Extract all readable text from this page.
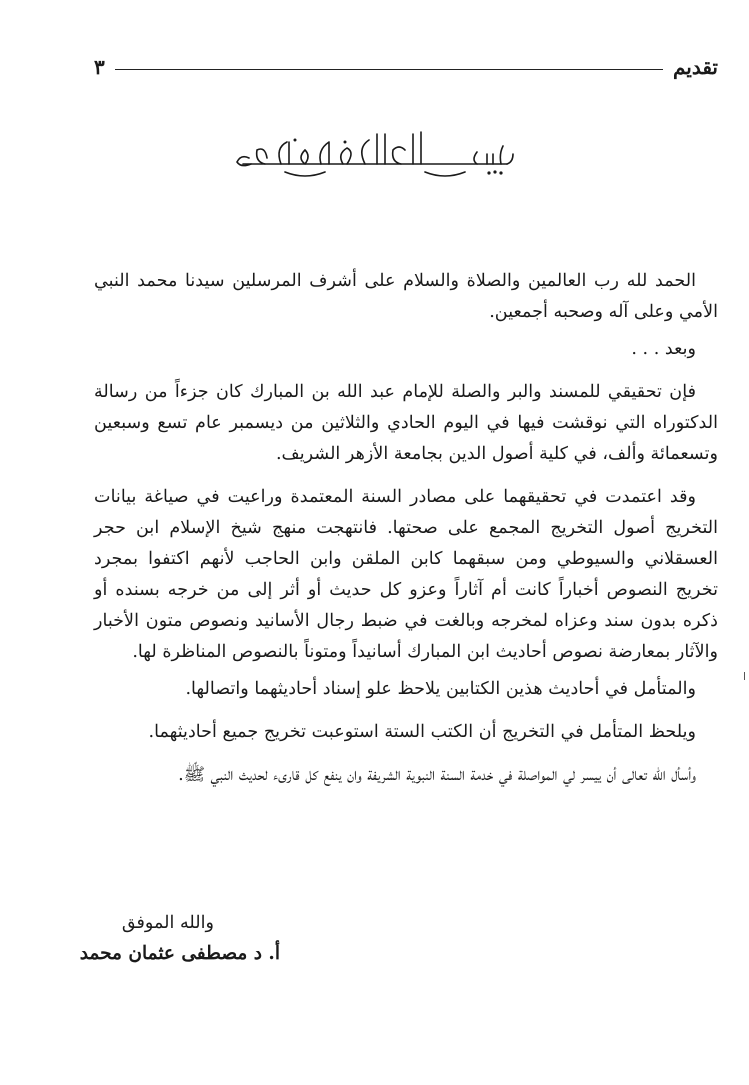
تقديم
٣

الحمد لله رب العالمين والصلاة والسلام على أشرف المرسلين سيدنا محمد النبي الأمي وعلى آله وصحبه أجمعين.

وبعد . . .

فإن تحقيقي للمسند والبر والصلة للإمام عبد الله بن المبارك كان جزءاً من رسالة الدكتوراه التي نوقشت فيها في اليوم الحادي والثلاثين من ديسمبر عام تسع وسبعين وتسعمائة وألف، في كلية أصول الدين بجامعة الأزهر الشريف.

وقد اعتمدت في تحقيقهما على مصادر السنة المعتمدة وراعيت في صياغة بيانات التخريج أصول التخريج المجمع على صحتها. فانتهجت منهج شيخ الإسلام ابن حجر العسقلاني والسيوطي ومن سبقهما كابن الملقن وابن الحاجب لأنهم اكتفوا بمجرد تخريج النصوص أخباراً كانت أم آثاراً وعزو كل حديث أو أثر إلى من خرجه بسنده أو ذكره بدون سند وعزاه لمخرجه وبالغت في ضبط رجال الأسانيد ونصوص متون الأخبار والآثار بمعارضة نصوص أحاديث ابن المبارك أسانيداً ومتوناً بالنصوص المناظرة لها.

والمتأمل في أحاديث هذين الكتابين يلاحظ علو إسناد أحاديثهما واتصالها.

ويلحظ المتأمل في التخريج أن الكتب الستة استوعبت تخريج جميع أحاديثهما.

وأسأل الله تعالى أن ييسر لي المواصلة في خدمة السنة النبوية الشريفة وان ينفع كل قارىء لحديث النبي ﷺ.

والله الموفق
أ. د مصطفى عثمان محمد
